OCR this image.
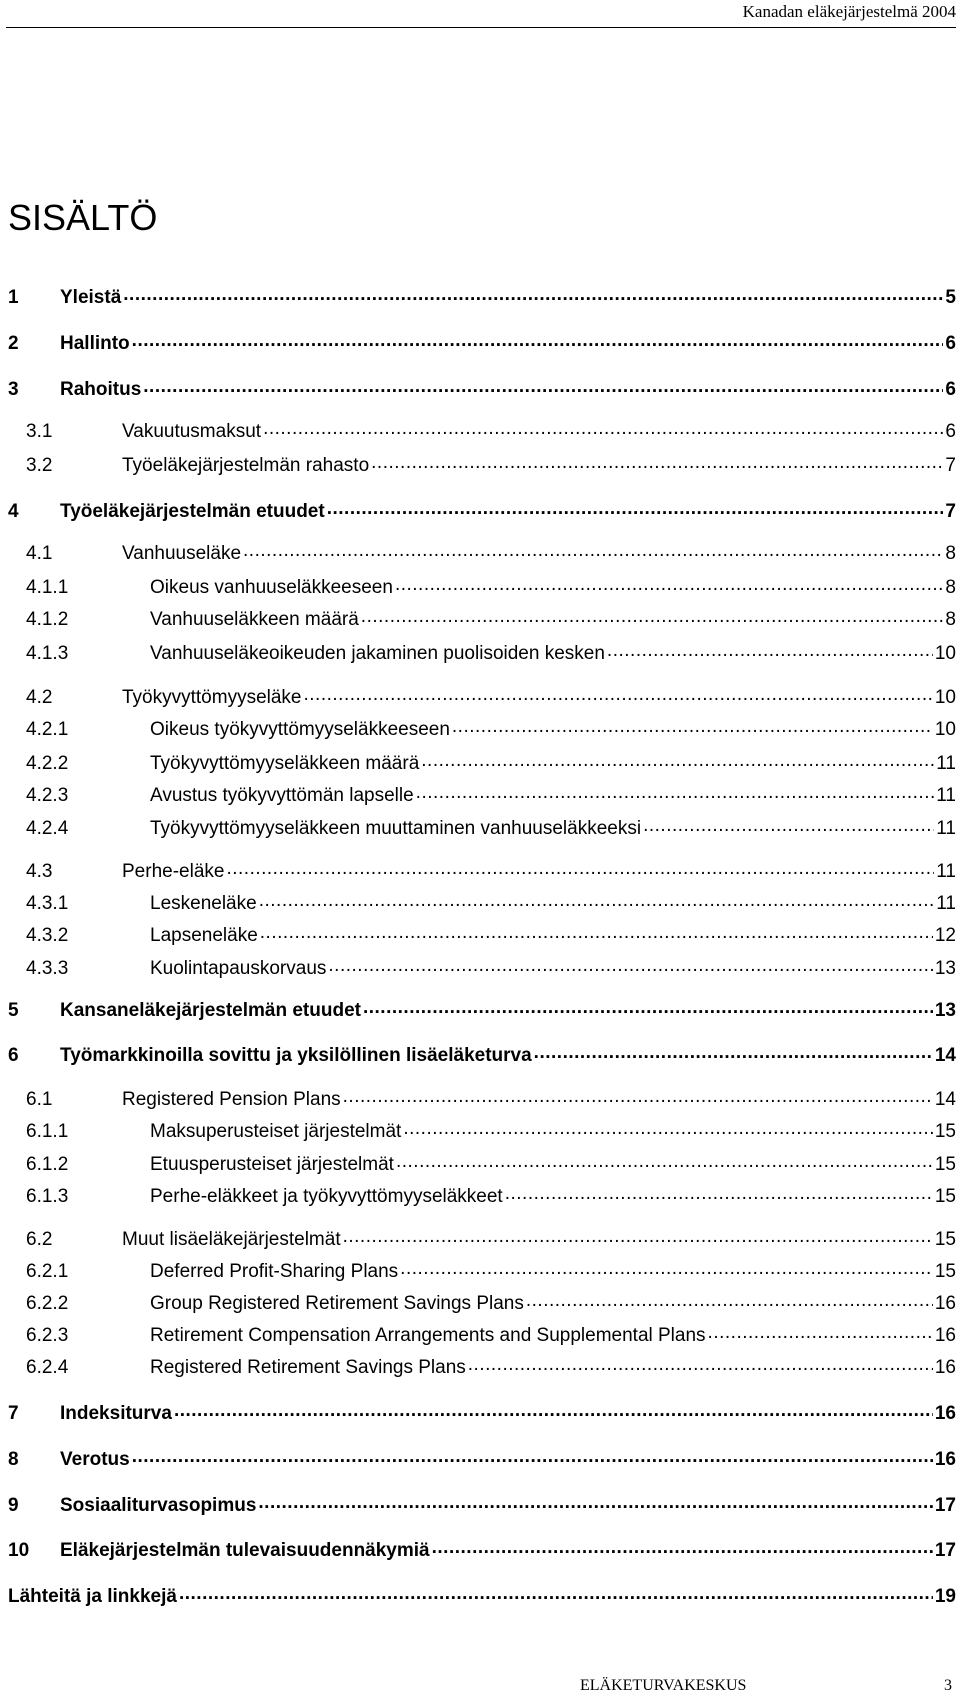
Kanadan eläkejärjestelmä 2004
SISÄLTÖ
1	Yleistä .....	5
2	Hallinto .....	6
3	Rahoitus .....	6
3.1	Vakuutusmaksut .....	6
3.2	Työeläkejärjestelmän rahasto .....	7
4	Työeläkejärjestelmän etuudet .....	7
4.1	Vanhuuseläke .....	8
4.1.1	Oikeus vanhuuseläkkeeseen .....	8
4.1.2	Vanhuuseläkkeen määrä .....	8
4.1.3	Vanhuuseläkeoikeuden jakaminen puolisoiden kesken .....	10
4.2	Työkyvyttömyyseläke .....	10
4.2.1	Oikeus työkyvyttömyyseläkkeeseen .....	10
4.2.2	Työkyvyttömyyseläkkeen määrä .....	11
4.2.3	Avustus työkyvyttömän lapselle .....	11
4.2.4	Työkyvyttömyyseläkkeen muuttaminen vanhuuseläkkeeksi .....	11
4.3	Perhe-eläke .....	11
4.3.1	Leskeneläke .....	11
4.3.2	Lapseneläke .....	12
4.3.3	Kuolintapauskorvaus .....	13
5	Kansaneläkejärjestelmän etuudet .....	13
6	Työmarkkinoilla sovittu ja yksilöllinen lisäeläketurva .....	14
6.1	Registered Pension Plans .....	14
6.1.1	Maksuperusteiset järjestelmät .....	15
6.1.2	Etuusperusteiset järjestelmät .....	15
6.1.3	Perhe-eläkkeet ja työkyvyttömyyseläkkeet .....	15
6.2	Muut lisäeläkejärjestelmät .....	15
6.2.1	Deferred Profit-Sharing Plans .....	15
6.2.2	Group Registered Retirement Savings Plans .....	16
6.2.3	Retirement Compensation Arrangements and Supplemental Plans .....	16
6.2.4	Registered Retirement Savings Plans .....	16
7	Indeksiturva .....	16
8	Verotus .....	16
9	Sosiaaliturvasopimus .....	17
10	Eläkejärjestelmän tulevaisuudennäkymiä .....	17
Lähteitä ja linkkejä .....	19
ELÄKETURVAKESKUS	3
